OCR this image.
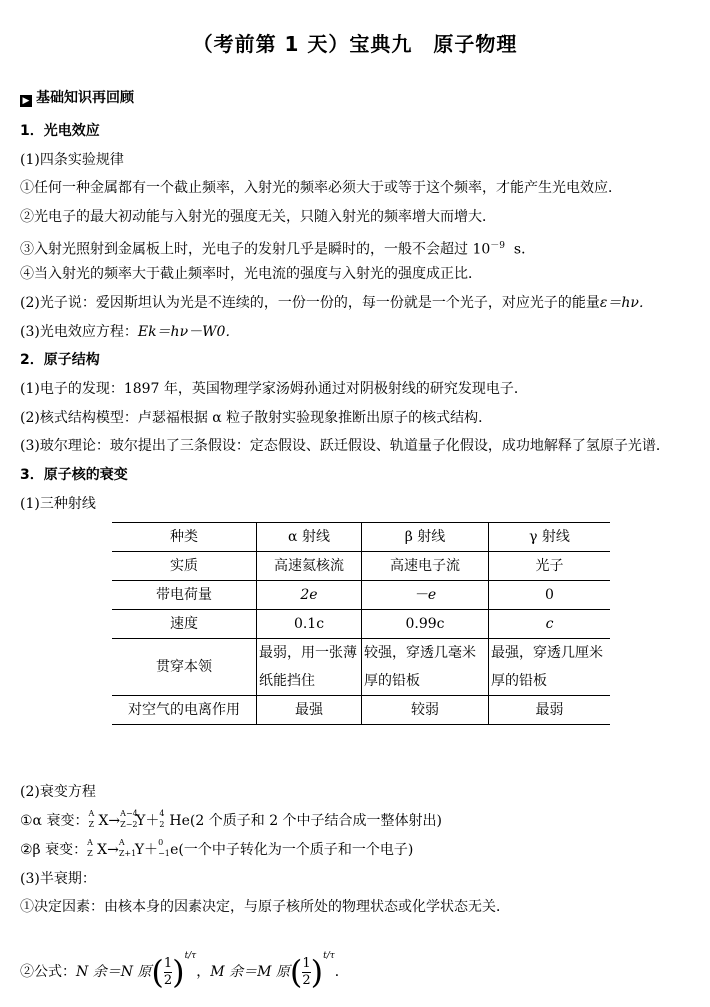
（考前第 1 天）宝典九　原子物理
▶ 基础知识再回顾
1．光电效应
(1)四条实验规律
①任何一种金属都有一个截止频率，入射光的频率必须大于或等于这个频率，才能产生光电效应．
②光电子的最大初动能与入射光的强度无关，只随入射光的频率增大而增大．
③入射光照射到金属板上时，光电子的发射几乎是瞬时的，一般不会超过 $10^{-9}$ s．
④当入射光的频率大于截止频率时，光电流的强度与入射光的强度成正比．
(2)光子说：爱因斯坦认为光是不连续的，一份一份的，每一份就是一个光子，对应光子的能量ε＝hν．
(3)光电效应方程：Ek＝hν－W0．
2．原子结构
(1)电子的发现：1897 年，英国物理学家汤姆孙通过对阴极射线的研究发现电子．
(2)核式结构模型：卢瑟福根据 α 粒子散射实验现象推断出原子的核式结构．
(3)玻尔理论：玻尔提出了三条假设：定态假设、跃迁假设、轨道量子化假设，成功地解释了氢原子光谱．
3．原子核的衰变
(1)三种射线
种类	α 射线	β 射线	γ 射线
实质	高速氦核流	高速电子流	光子
带电荷量	2e	－e	0
速度	0.1c	0.99c	c
贯穿本领	最弱，用一张薄纸能挡住	较强，穿透几毫米厚的铅板	最强，穿透几厘米厚的铅板
对空气的电离作用	最强	较弱	最弱
(2)衰变方程
①α 衰变： A
Z X→ A−4
Z−2
Y＋ 4
2 He(2 个质子和 2 个中子结合成一整体射出)
②β 衰变： A
Z X→ A
Z+1
Y＋ 0
−1 e(一个中子转化为一个质子和一个电子)
(3)半衰期：
①决定因素：由核本身的因素决定，与原子核所处的物理状态或化学状态无关．
②公式：N 余＝N 原( $\frac{1}{2} )^{t/\tau}$，M 余＝M 原( $\frac{1}{2} )^{t/\tau}$．
